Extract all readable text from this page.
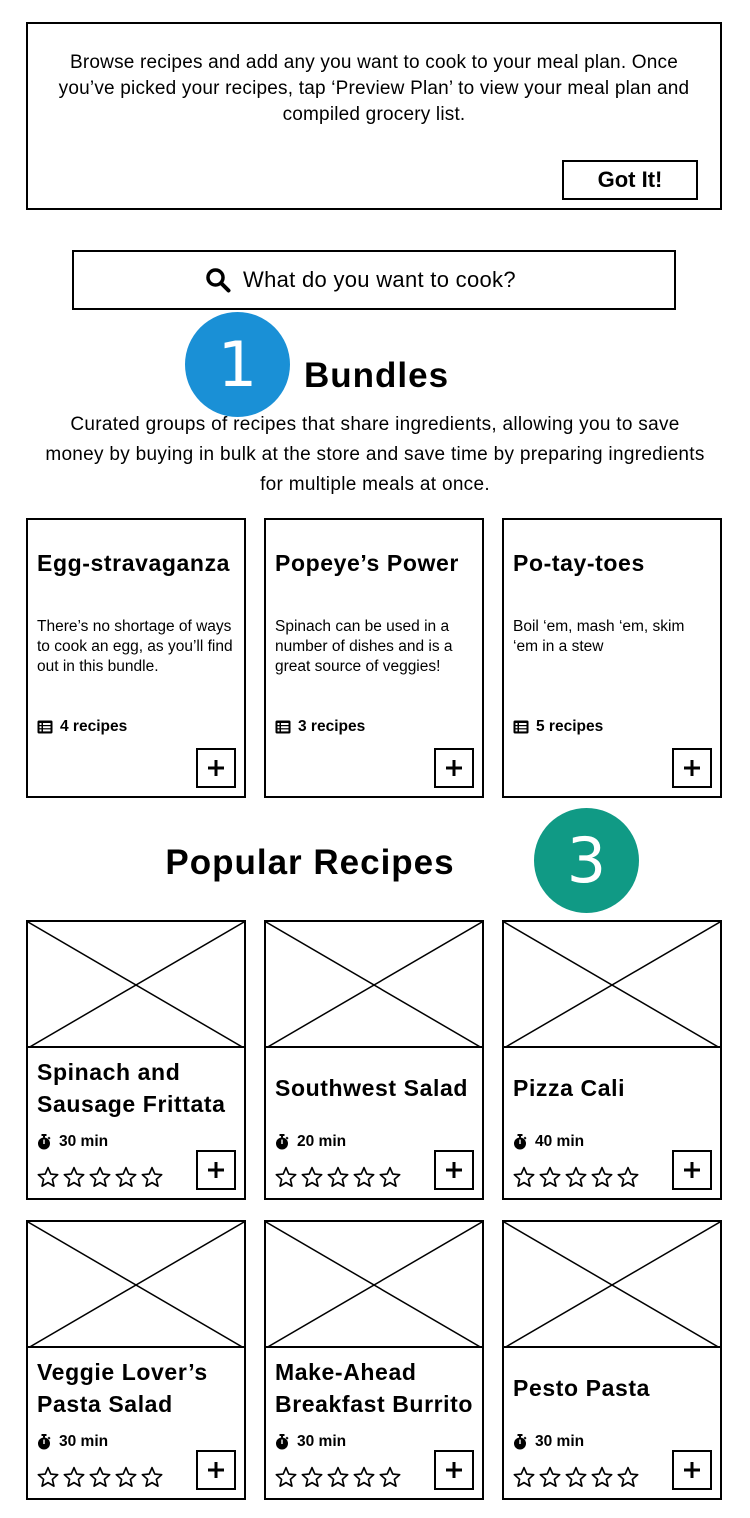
Browse recipes and add any you want to cook to your meal plan. Once you’ve picked your recipes, tap ‘Preview Plan’ to view your meal plan and compiled grocery list.

Got It!
What do you want to cook?
1	Bundles

Curated groups of recipes that share ingredients, allowing you to save money by buying in bulk at the store and save time by preparing ingredients for multiple meals at once.

Egg-stravaganza
There’s no shortage of ways to cook an egg, as you’ll find out in this bundle.
4 recipes
Popeye’s Power
Spinach can be used in a number of dishes and is a great source of veggies!
3 recipes
Po-tay-toes
Boil ‘em, mash ‘em, skim ‘em in a stew
5 recipes
Popular Recipes	3
Spinach and Sausage Frittata
30 min
Southwest Salad
20 min
Pizza Cali
40 min
Veggie Lover’s Pasta Salad
30 min
Make-Ahead Breakfast Burrito
30 min
Pesto Pasta
30 min
